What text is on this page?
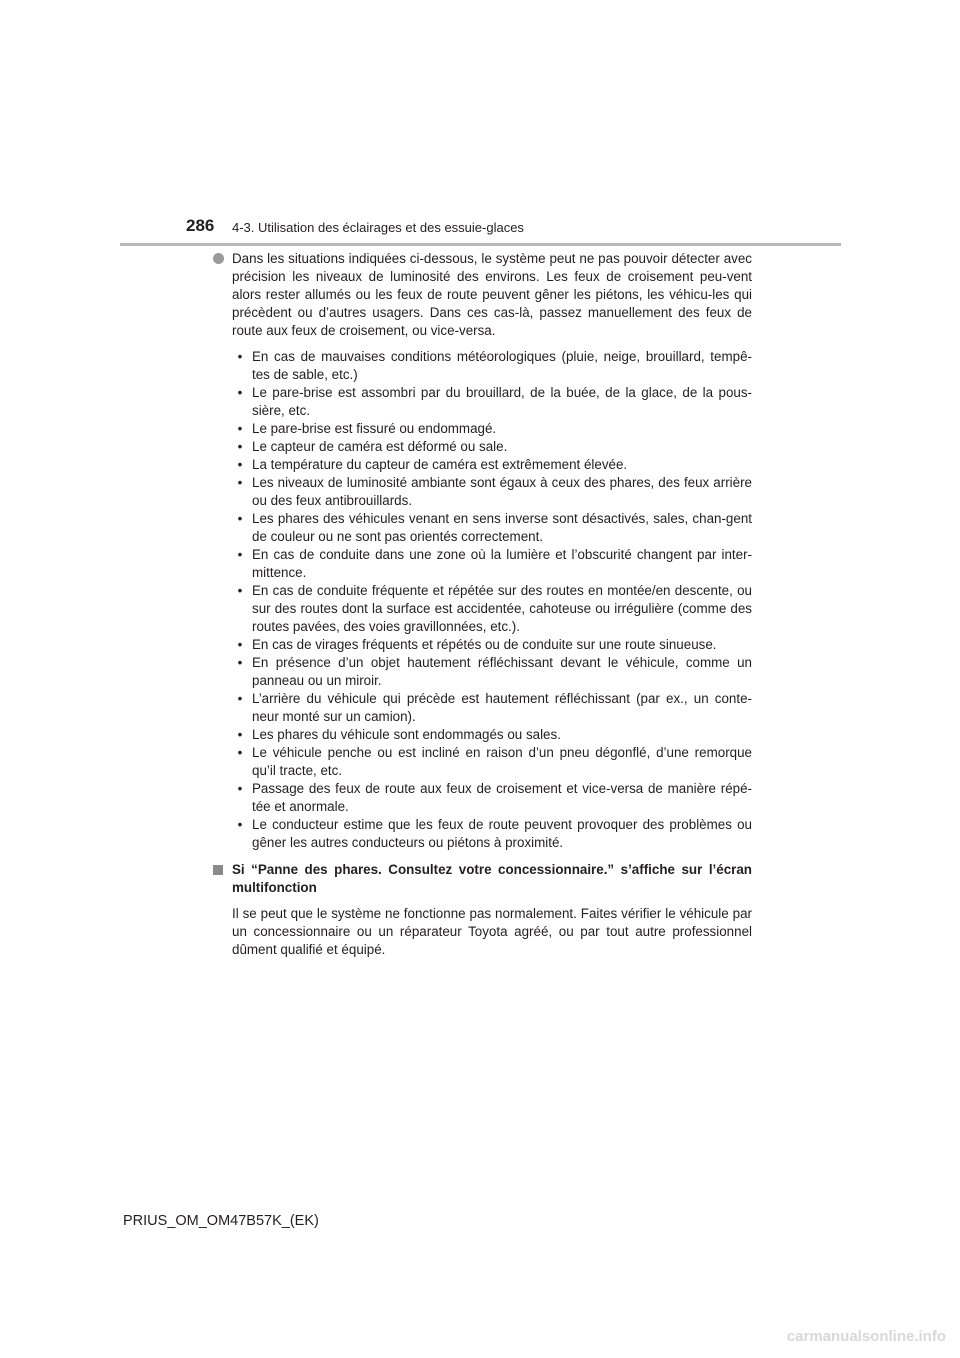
286 4-3. Utilisation des éclairages et des essuie-glaces
Dans les situations indiquées ci-dessous, le système peut ne pas pouvoir détecter avec précision les niveaux de luminosité des environs. Les feux de croisement peu-vent alors rester allumés ou les feux de route peuvent gêner les piétons, les véhicu-les qui précèdent ou d’autres usagers. Dans ces cas-là, passez manuellement des feux de route aux feux de croisement, ou vice-versa.
• En cas de mauvaises conditions météorologiques (pluie, neige, brouillard, tempê-tes de sable, etc.)
• Le pare-brise est assombri par du brouillard, de la buée, de la glace, de la pous-sière, etc.
• Le pare-brise est fissuré ou endommagé.
• Le capteur de caméra est déformé ou sale.
• La température du capteur de caméra est extrêmement élevée.
• Les niveaux de luminosité ambiante sont égaux à ceux des phares, des feux arrière ou des feux antibrouillards.
• Les phares des véhicules venant en sens inverse sont désactivés, sales, chan-gent de couleur ou ne sont pas orientés correctement.
• En cas de conduite dans une zone où la lumière et l’obscurité changent par inter-mittence.
• En cas de conduite fréquente et répétée sur des routes en montée/en descente, ou sur des routes dont la surface est accidentée, cahoteuse ou irrégulière (comme des routes pavées, des voies gravillonnées, etc.).
• En cas de virages fréquents et répétés ou de conduite sur une route sinueuse.
• En présence d’un objet hautement réfléchissant devant le véhicule, comme un panneau ou un miroir.
• L’arrière du véhicule qui précède est hautement réfléchissant (par ex., un conte-neur monté sur un camion).
• Les phares du véhicule sont endommagés ou sales.
• Le véhicule penche ou est incliné en raison d’un pneu dégonflé, d’une remorque qu’il tracte, etc.
• Passage des feux de route aux feux de croisement et vice-versa de manière répé-tée et anormale.
• Le conducteur estime que les feux de route peuvent provoquer des problèmes ou gêner les autres conducteurs ou piétons à proximité.
Si “Panne des phares. Consultez votre concessionnaire.” s’affiche sur l’écran multifonction
Il se peut que le système ne fonctionne pas normalement. Faites vérifier le véhicule par un concessionnaire ou un réparateur Toyota agréé, ou par tout autre professionnel dûment qualifié et équipé.
PRIUS_OM_OM47B57K_(EK)
carmanualsonline.info
